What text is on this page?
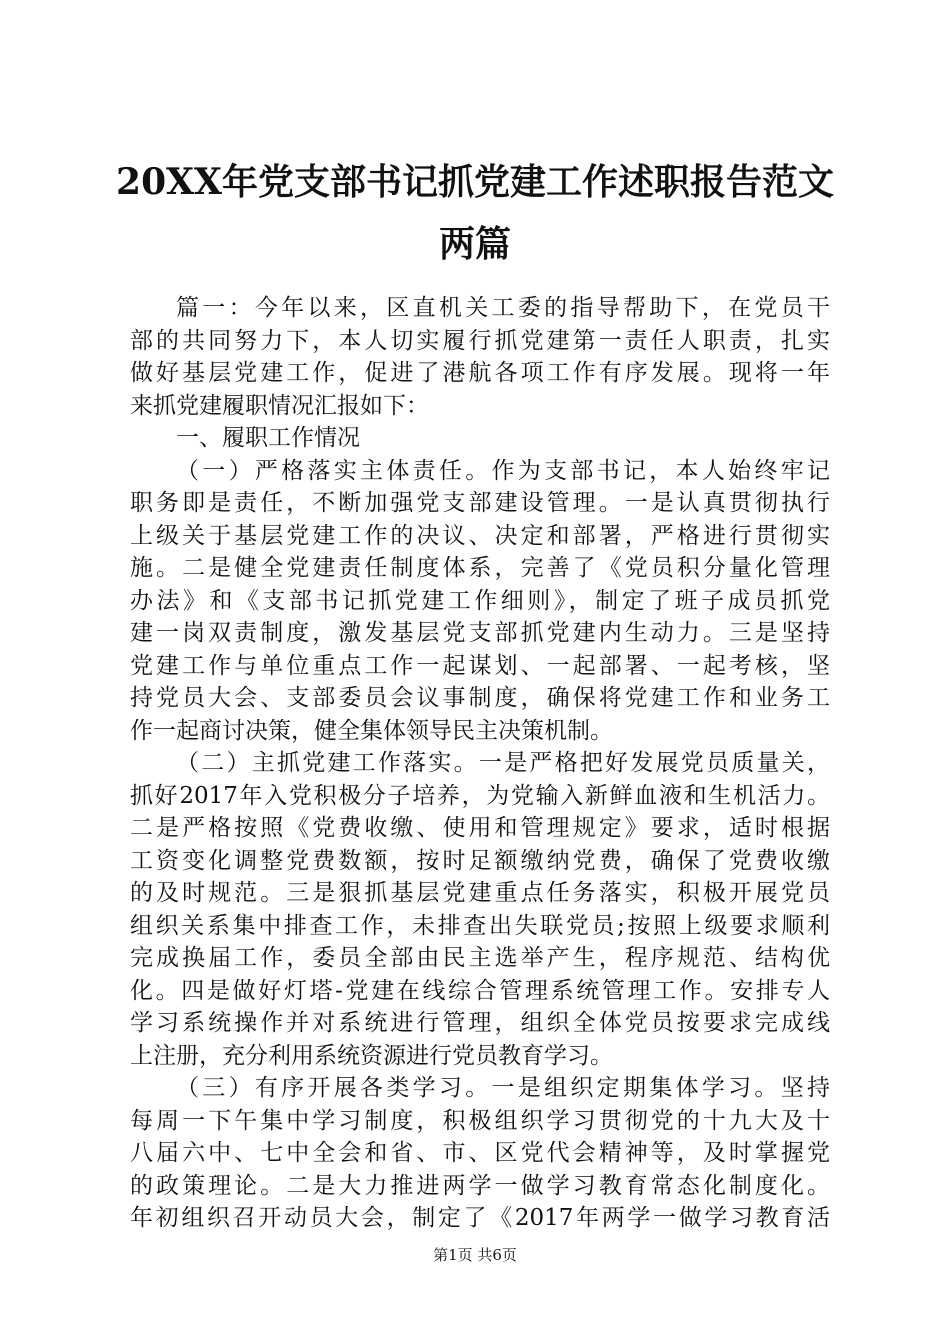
20XX年党支部书记抓党建工作述职报告范文
两篇
篇一：今年以来，区直机关工委的指导帮助下，在党员干
部的共同努力下，本人切实履行抓党建第一责任人职责，扎实
做好基层党建工作，促进了港航各项工作有序发展。现将一年
来抓党建履职情况汇报如下：
一、履职工作情况
（一）严格落实主体责任。作为支部书记，本人始终牢记
职务即是责任，不断加强党支部建设管理。一是认真贯彻执行
上级关于基层党建工作的决议、决定和部署，严格进行贯彻实
施。二是健全党建责任制度体系，完善了《党员积分量化管理
办法》和《支部书记抓党建工作细则》，制定了班子成员抓党
建一岗双责制度，激发基层党支部抓党建内生动力。三是坚持
党建工作与单位重点工作一起谋划、一起部署、一起考核，坚
持党员大会、支部委员会议事制度，确保将党建工作和业务工
作一起商讨决策，健全集体领导民主决策机制。
（二）主抓党建工作落实。一是严格把好发展党员质量关，
抓好2017年入党积极分子培养，为党输入新鲜血液和生机活力。
二是严格按照《党费收缴、使用和管理规定》要求，适时根据
工资变化调整党费数额，按时足额缴纳党费，确保了党费收缴
的及时规范。三是狠抓基层党建重点任务落实，积极开展党员
组织关系集中排查工作，未排查出失联党员;按照上级要求顺利
完成换届工作，委员全部由民主选举产生，程序规范、结构优
化。四是做好灯塔-党建在线综合管理系统管理工作。安排专人
学习系统操作并对系统进行管理，组织全体党员按要求完成线
上注册，充分利用系统资源进行党员教育学习。
（三）有序开展各类学习。一是组织定期集体学习。坚持
每周一下午集中学习制度，积极组织学习贯彻党的十九大及十
八届六中、七中全会和省、市、区党代会精神等，及时掌握党
的政策理论。二是大力推进两学一做学习教育常态化制度化。
年初组织召开动员大会，制定了《2017年两学一做学习教育活
第1页 共6页
